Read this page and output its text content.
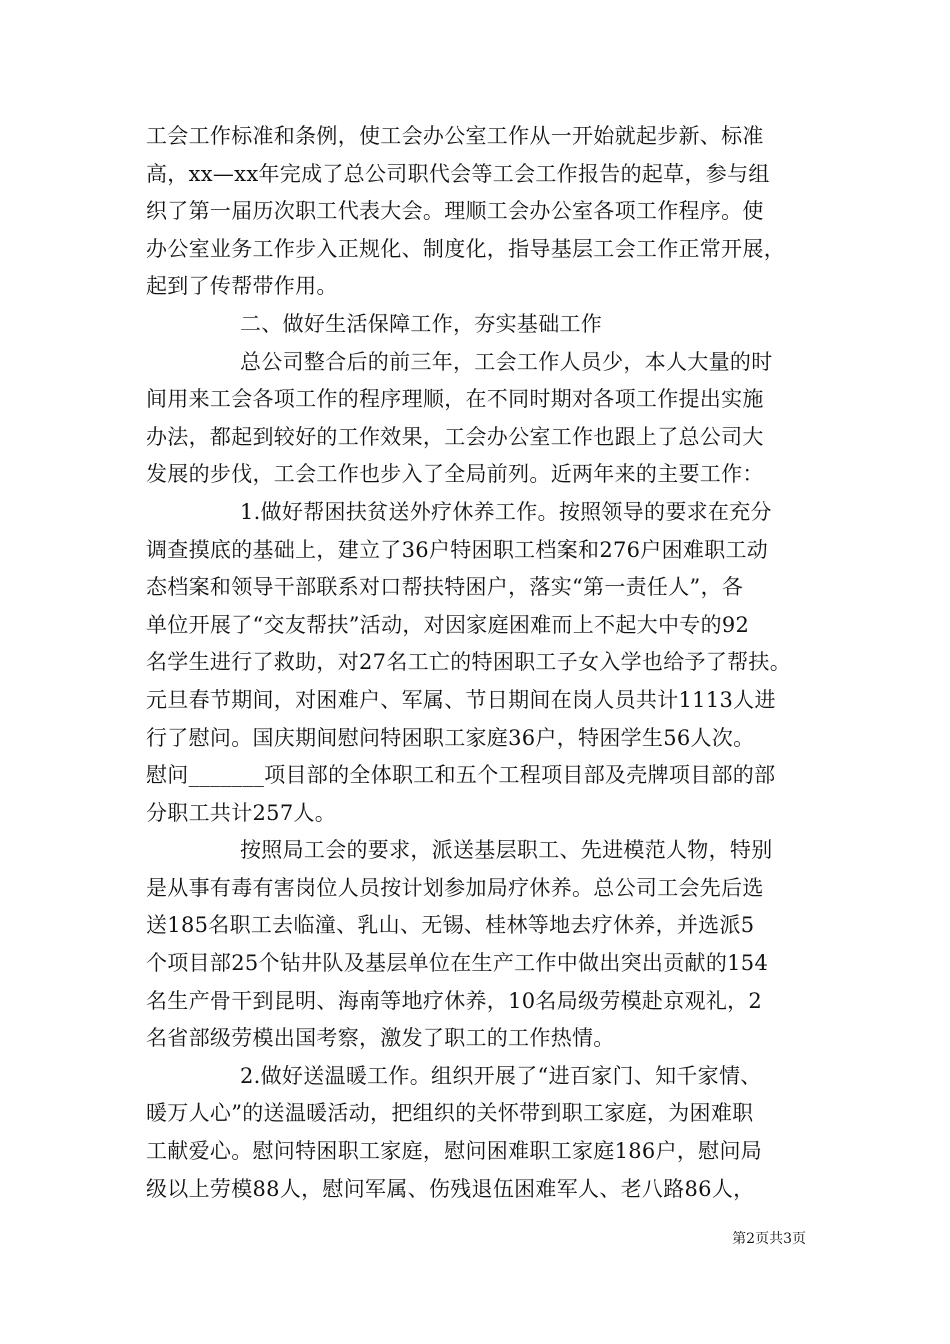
工会工作标准和条例，使工会办公室工作从一开始就起步新、标准
高，xx—xx年完成了总公司职代会等工会工作报告的起草，参与组
织了第一届历次职工代表大会。理顺工会办公室各项工作程序。使
办公室业务工作步入正规化、制度化，指导基层工会工作正常开展，
起到了传帮带作用。
二、做好生活保障工作，夯实基础工作
总公司整合后的前三年，工会工作人员少，本人大量的时
间用来工会各项工作的程序理顺，在不同时期对各项工作提出实施
办法，都起到较好的工作效果，工会办公室工作也跟上了总公司大
发展的步伐，工会工作也步入了全局前列。近两年来的主要工作：
1.做好帮困扶贫送外疗休养工作。按照领导的要求在充分
调查摸底的基础上，建立了36户特困职工档案和276户困难职工动
态档案和领导干部联系对口帮扶特困户，落实“第一责任人”，各
单位开展了“交友帮扶”活动，对因家庭困难而上不起大中专的92
名学生进行了救助，对27名工亡的特困职工子女入学也给予了帮扶。
元旦春节期间，对困难户、军属、节日期间在岗人员共计1113人进
行了慰问。国庆期间慰问特困职工家庭36户，特困学生56人次。
慰问_______项目部的全体职工和五个工程项目部及壳牌项目部的部
分职工共计257人。
按照局工会的要求，派送基层职工、先进模范人物，特别
是从事有毒有害岗位人员按计划参加局疗休养。总公司工会先后选
送185名职工去临潼、乳山、无锡、桂林等地去疗休养，并选派5
个项目部25个钻井队及基层单位在生产工作中做出突出贡献的154
名生产骨干到昆明、海南等地疗休养，10名局级劳模赴京观礼，2
名省部级劳模出国考察，激发了职工的工作热情。
2.做好送温暖工作。组织开展了“进百家门、知千家情、
暖万人心”的送温暖活动，把组织的关怀带到职工家庭，为困难职
工献爱心。慰问特困职工家庭，慰问困难职工家庭186户，慰问局
级以上劳模88人，慰问军属、伤残退伍困难军人、老八路86人，
第2页共3页
